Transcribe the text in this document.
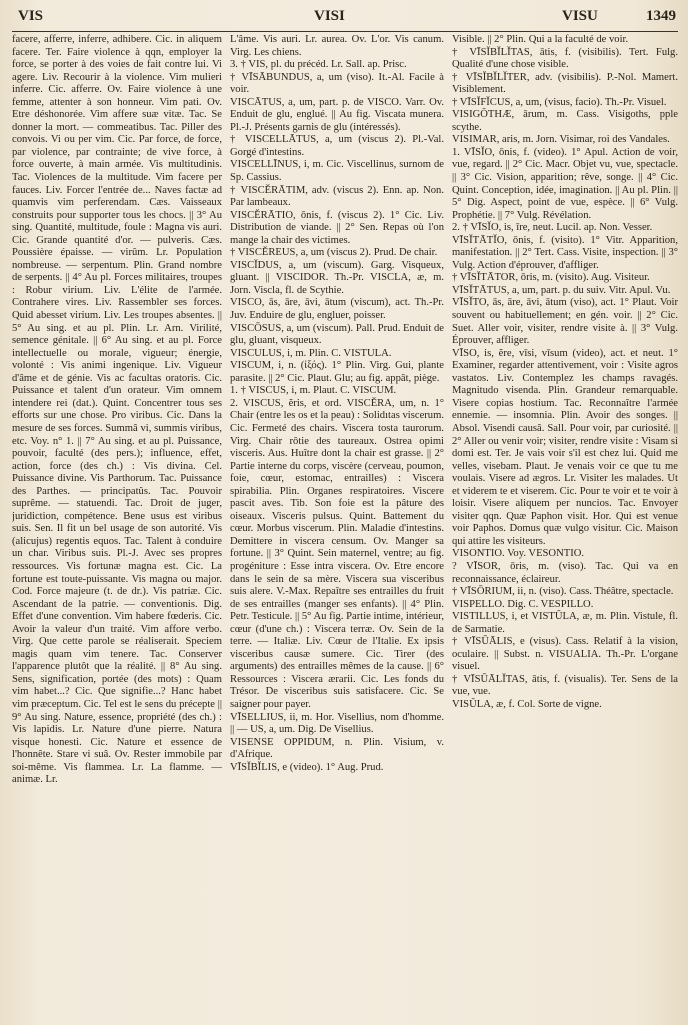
VIS	VISI	VISU	1349

facere, afferre, inferre, adhibere. Cic. in aliquem facere. Ter. Faire violence à qqn, employer la force, se porter à des voies de fait contre lui. Vi agere. Liv. Recourir à la violence. Vim mulieri inferre. Cic. afferre. Ov. Faire violence à une femme, attenter à son honneur. Vim pati. Ov. Etre déshonorée. Vim affere suæ vitæ. Tac. Se donner la mort. — commeatibus. Tac. Piller des convois. Vi ou per vim. Cic. Par force, de force, par violence, par contrainte; de vive force, à force ouverte, à main armée. Vis multitudinis. Tac. Violences de la multitude. Vim facere per fauces. Liv. Forcer l'entrée de... Naves factæ ad quamvis vim perferendam. Cæs. Vaisseaux construits pour supporter tous les chocs. || 3° Au sing. Quantité, multitude, foule : Magna vis auri. Cic. Grande quantité d'or. — pulveris. Cæs. Poussière épaisse. — virûm. Lr. Population nombreuse. — serpentum. Plin. Grand nombre de serpents. || 4° Au pl. Forces militaires, troupes : Robur virium. Liv. L'élite de l'armée. Contrahere vires. Liv. Rassembler ses forces. Quid abesset virium. Liv. Les troupes absentes. || 5° Au sing. et au pl. Plin. Lr. Arn. Virilité, semence génitale. || 6° Au sing. et au pl. Force intellectuelle ou morale, vigueur; énergie, volonté : Vis animi ingenique. Liv. Vigueur d'âme et de génie. Vis ac facultas oratoris. Cic. Puissance et talent d'un orateur. Vim omnem intendere rei (dat.). Quint. Concentrer tous ses efforts sur une chose. Pro viribus. Cic. Dans la mesure de ses forces. Summâ vi, summis viribus, etc. Voy. n° 1. || 7° Au sing. et au pl. Puissance, pouvoir, faculté (des pers.); influence, effet, action, force (des ch.) : Vis divina. Cel. Puissance divine. Vis Parthorum. Tac. Puissance des Parthes. — principatûs. Tac. Pouvoir suprême. — statuendi. Tac. Droit de juger, juridiction, compétence. Bene usus est viribus suis. Sen. Il fit un bel usage de son autorité. Vis (alicujus) regentis equos. Tac. Talent à conduire un char. Viribus suis. Pl.-J. Avec ses propres ressources. Vis fortunæ magna est. Cic. La fortune est toute-puissante. Vis magna ou major. Cod. Force majeure (t. de dr.). Vis patriæ. Cic. Ascendant de la patrie. — conventionis. Dig. Effet d'une convention. Vim habere fœderis. Cic. Avoir la valeur d'un traité. Vim affore verbo. Virg. Que cette parole se réaliserait. Speciem magis quam vim tenere. Tac. Conserver l'apparence plutôt que la réalité. || 8° Au sing. Sens, signification, portée (des mots) : Quam vim habet...? Cic. Que signifie...? Hanc habet vim præceptum. Cic. Tel est le sens du précepte || 9° Au sing. Nature, essence, propriété (des ch.) : Vis lapidis. Lr. Nature d'une pierre. Natura visque honesti. Cic. Nature et essence de l'honnête. Stare vi suâ. Ov. Rester immobile par soi-même. Vis flammea. Lr. La flamme. — animæ. Lr.

L'âme. Vis auri. Lr. aurea. Ov. L'or. Vis canum. Virg. Les chiens.

3. † VIS, pl. du précéd. Lr. Sall. ap. Prisc.

† VĪSĀBUNDUS, a, um (viso). It.-Al. Facile à voir.

VISCĀTUS, a, um, part. p. de VISCO. Varr. Ov. Enduit de glu, englué. || Au fig. Viscata munera. Pl.-J. Présents garnis de glu (intéressés).

† VISCELLĀTUS, a, um (viscus 2). Pl.-Val. Gorgé d'intestins.

VISCELLĪNUS, i, m. Cic. Viscellinus, surnom de Sp. Cassius.

† VISCĔRĀTIM, adv. (viscus 2). Enn. ap. Non. Par lambeaux.

VISCĔRĀTIO, ōnis, f. (viscus 2). 1° Cic. Liv. Distribution de viande. || 2° Sen. Repas où l'on mange la chair des victimes.

† VISCĔREUS, a, um (viscus 2). Prud. De chair.

VISCĬDUS, a, um (viscum). Garg. Visqueux, gluant. || VISCIDOR. Th.-Pr. VISCLA, æ, m. Jorn. Viscla, fl. de Scythie.

VISCO, ās, āre, āvi, ātum (viscum), act. Th.-Pr. Juv. Enduire de glu, engluer, poisser.

VISCŌSUS, a, um (viscum). Pall. Prud. Enduit de glu, gluant, visqueux.

VISCULUS, i, m. Plin. C. VISTULA.

VISCUM, i, n. (ἰξός). 1° Plin. Virg. Gui, plante parasite. || 2° Cic. Plaut. Glu; au fig. appât, piège.

1. † VISCUS, i, m. Plaut. C. VISCUM.

2. VISCUS, ĕris, et ord. VISCĔRA, um, n. 1° Chair (entre les os et la peau) : Solidıtas viscerum. Cic. Fermeté des chairs. Viscera tosta taurorum. Virg. Chair rôtie des taureaux. Ostrea opimi visceris. Aus. Huître dont la chair est grasse. || 2° Partie interne du corps, viscère (cerveau, poumon, foie, cœur, estomac, entrailles) : Viscera spirabilia. Plin. Organes respiratoires. Viscere pascit aves. Tib. Son foie est la pâture des oiseaux. Visceris pulsus. Quint. Battement du cœur. Morbus viscerum. Plin. Maladie d'intestins. Demittere in viscera censum. Ov. Manger sa fortune. || 3° Quint. Sein maternel, ventre; au fig. progéniture : Esse intra viscera. Ov. Etre encore dans le sein de sa mère. Viscera sua visceribus suis alere. V.-Max. Repaître ses entrailles du fruit de ses entrailles (manger ses enfants). || 4° Plin. Petr. Testicule. || 5° Au fig. Partie intime, intérieur, cœur (d'une ch.) : Viscera terræ. Ov. Sein de la terre. — Italiæ. Liv. Cœur de l'Italie. Ex ipsis visceribus causæ sumere. Cic. Tirer (des arguments) des entrailles mêmes de la cause. || 6° Ressources : Viscera ærarii. Cic. Les fonds du Trésor. De visceribus suis satisfacere. Cic. Se saigner pour payer.

VĪSELLIUS, ii, m. Hor. Visellius, nom d'homme. || — US, a, um. Dig. De Visellius.

VISENSE OPPIDUM, n. Plin. Visium, v. d'Afrique.

VĪSĬBĬLIS, e (video). 1° Aug. Prud.

Visible. || 2° Plin. Qui a la faculté de voir.

† VĪSĬBĬLĬTAS, ātis, f. (visibilis). Tert. Fulg. Qualité d'une chose visible.

† VĪSĬBĬLĬTER, adv. (visibilis). P.-Nol. Mamert. Visiblement.

† VĪSĬFĬCUS, a, um, (visus, facio). Th.-Pr. Visuel.

VISIGŎTHÆ, ārum, m. Cass. Visigoths, pple scythe.

VISIMAR, aris, m. Jorn. Visimar, roi des Vandales.

1. VĪSĬO, ōnis, f. (video). 1° Apul. Action de voir, vue, regard. || 2° Cic. Macr. Objet vu, vue, spectacle. || 3° Cic. Vision, apparition; rêve, songe. || 4° Cic. Quint. Conception, idée, imagination. || Au pl. Plin. || 5° Dig. Aspect, point de vue, espèce. || 6° Vulg. Prophétie. || 7° Vulg. Révélation.

2. † VĪSĬO, is, īre, neut. Lucil. ap. Non. Vesser.

VĪSĬTĀTĬO, ōnis, f. (visito). 1° Vitr. Apparition, manifestation. || 2° Tert. Cass. Visite, inspection. || 3° Vulg. Action d'éprouver, d'affliger.

† VĪSĬTĀTOR, ōris, m. (visito). Aug. Visiteur.

VĪSĬTĀTUS, a, um, part. p. du suiv. Vitr. Apul. Vu.

VĪSĬTO, ās, āre, āvi, ātum (viso), act. 1° Plaut. Voir souvent ou habituellement; en gén. voir. || 2° Cic. Suet. Aller voir, visiter, rendre visite à. || 3° Vulg. Éprouver, affliger.

VĪSO, is, ĕre, vīsi, vīsum (video), act. et neut. 1° Examiner, regarder attentivement, voir : Visite agros vastatos. Liv. Contemplez les champs ravagés. Magnitudo visenda. Plin. Grandeur remarquable. Visere copias hostium. Tac. Reconnaître l'armée ennemie. — insomnia. Plin. Avoir des songes. || Absol. Visendi causâ. Sall. Pour voir, par curiosité. || 2° Aller ou venir voir; visiter, rendre visite : Visam si domi est. Ter. Je vais voir s'il est chez lui. Quid me velles, visebam. Plaut. Je venais voir ce que tu me voulais. Visere ad ægros. Lr. Visiter les malades. Ut et viderem te et viserem. Cic. Pour te voir et te voir à loisir. Visere aliquem per nuncios. Tac. Envoyer visiter qqn. Quæ Paphon visit. Hor. Qui est venue voir Paphos. Domus quæ vulgo visitur. Cic. Maison qui attire les visiteurs.

VISONTIO. Voy. VESONTIO.

? VĪSOR, ōris, m. (viso). Tac. Qui va en reconnaissance, éclaireur.

† VĪSŌRIUM, ii, n. (viso). Cass. Théâtre, spectacle.

VISPELLO. Dig. C. VESPILLO.

VISTILLUS, i, et VISTŬLA, æ, m. Plin. Vistule, fl. de Sarmatie.

† VĪSŪĀLIS, e (visus). Cass. Relatif à la vision, oculaire. || Subst. n. VISUALIA. Th.-Pr. L'organe visuel.

† VĪSŪĀLĬTAS, ātis, f. (visualis). Ter. Sens de la vue, vue.

VISŬLA, æ, f. Col. Sorte de vigne.
